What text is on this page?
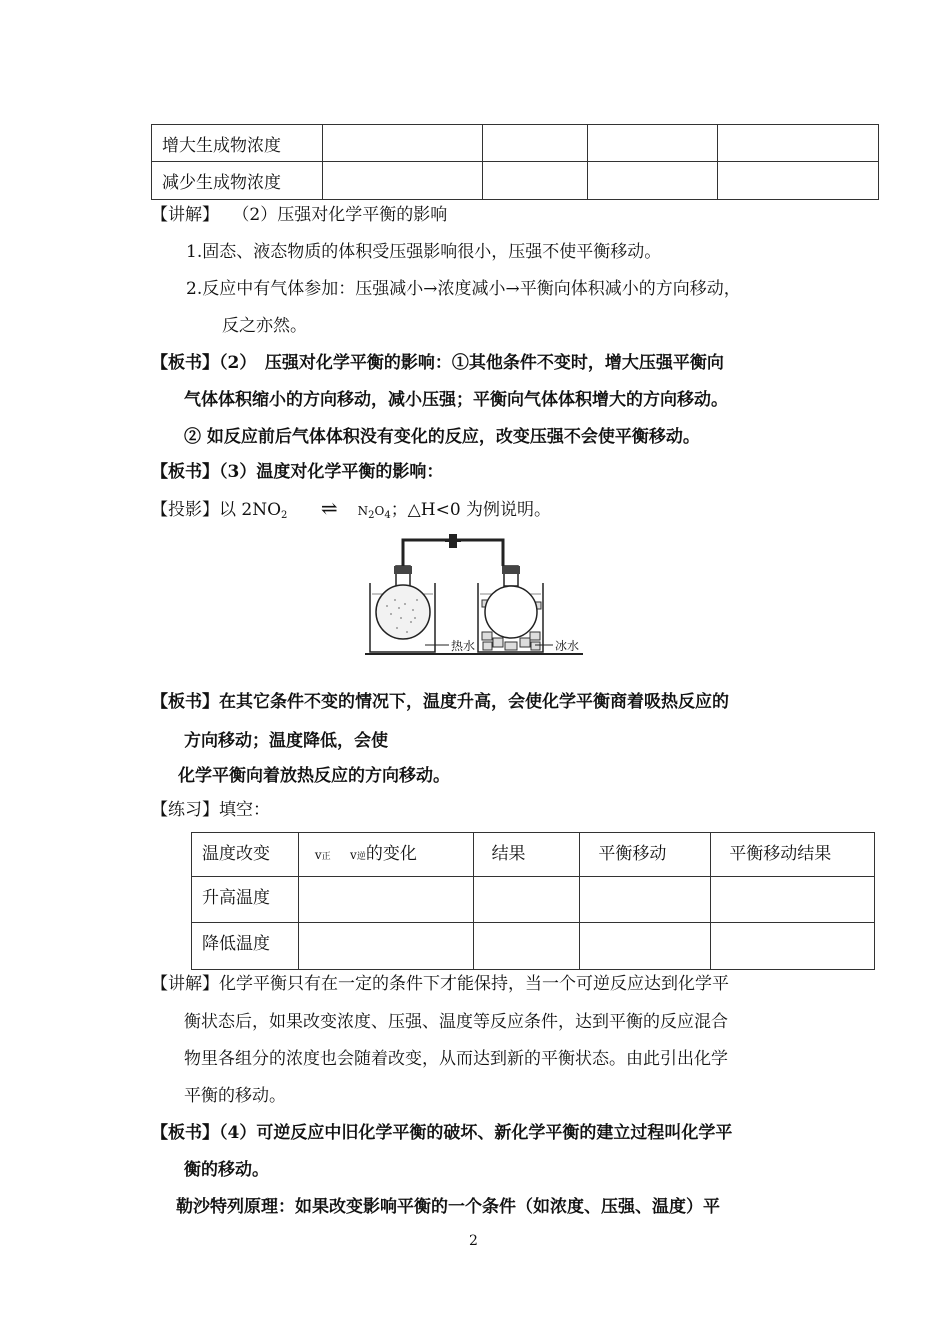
增大生成物浓度				
减少生成物浓度				
【讲解】 （2）压强对化学平衡的影响
1.固态、液态物质的体积受压强影响很小，压强不使平衡移动。
2.反应中有气体参加：压强减小→浓度减小→平衡向体积减小的方向移动，
反之亦然。
【板书】（2）　压强对化学平衡的影响：①其他条件不变时，增大压强平衡向
气体体积缩小的方向移动，减小压强；平衡向气体体积增大的方向移动。
② 如反应前后气体体积没有变化的反应，改变压强不会使平衡移动。
【板书】（3）温度对化学平衡的影响：
【投影】以 $2NO_2$ ⇌ $N_2O_4$；△H<0 为例说明。
热水	冰水
【板书】在其它条件不变的情况下，温度升高，会使化学平衡商着吸热反应的
方向移动；温度降低，会使
化学平衡向着放热反应的方向移动。
【练习】填空：
温度改变	v正 v逆的变化	结果	平衡移动	平衡移动结果
升高温度				
降低温度				
【讲解】化学平衡只有在一定的条件下才能保持，当一个可逆反应达到化学平
衡状态后，如果改变浓度、压强、温度等反应条件，达到平衡的反应混合
物里各组分的浓度也会随着改变，从而达到新的平衡状态。由此引出化学
平衡的移动。
【板书】（4）可逆反应中旧化学平衡的破坏、新化学平衡的建立过程叫化学平
衡的移动。
勒沙特列原理：如果改变影响平衡的一个条件（如浓度、压强、温度）平
2
